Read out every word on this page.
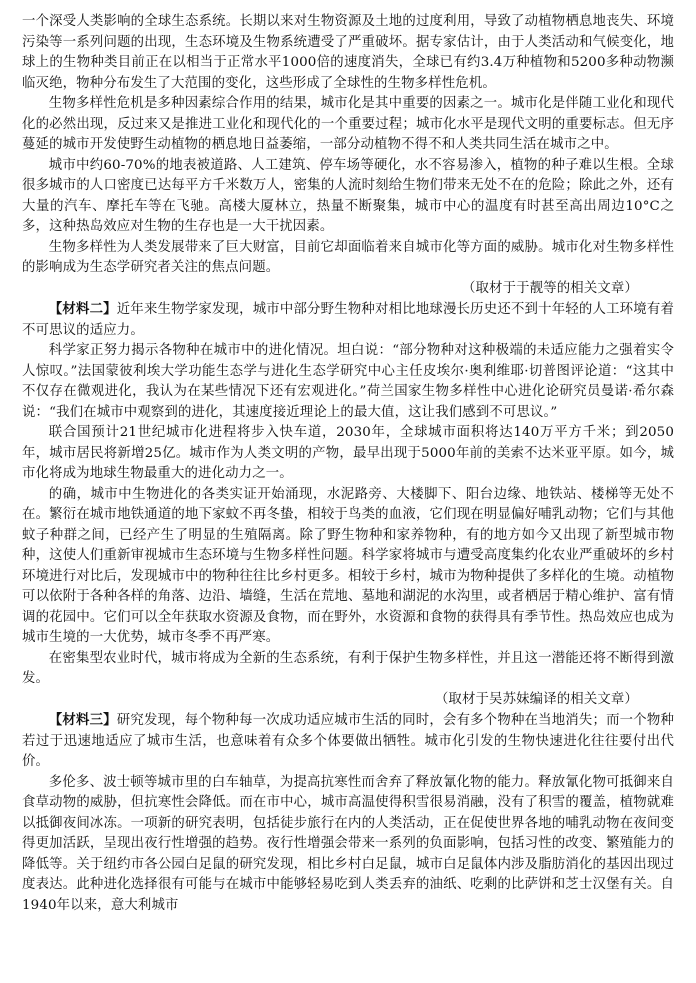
一个深受人类影响的全球生态系统。长期以来对生物资源及土地的过度利用，导致了动植物栖息地丧失、环境污染等一系列问题的出现，生态环境及生物系统遭受了严重破坏。据专家估计，由于人类活动和气候变化，地球上的生物种类目前正在以相当于正常水平1000倍的速度消失，全球已有约3.4万种植物和5200多种动物濒临灭绝，物种分布发生了大范围的变化，这些形成了全球性的生物多样性危机。

生物多样性危机是多种因素综合作用的结果，城市化是其中重要的因素之一。城市化是伴随工业化和现代化的必然出现，反过来又是推进工业化和现代化的一个重要过程；城市化水平是现代文明的重要标志。但无序蔓延的城市开发使野生动植物的栖息地日益萎缩，一部分动植物不得不和人类共同生活在城市之中。

城市中约60-70%的地表被道路、人工建筑、停车场等硬化，水不容易渗入，植物的种子难以生根。全球很多城市的人口密度已达每平方千米数万人，密集的人流时刻给生物们带来无处不在的危险；除此之外，还有大量的汽车、摩托车等在飞驰。高楼大厦林立，热量不断聚集，城市中心的温度有时甚至高出周边10°C之多，这种热岛效应对生物的生存也是一大干扰因素。

生物多样性为人类发展带来了巨大财富，目前它却面临着来自城市化等方面的威胁。城市化对生物多样性的影响成为生态学研究者关注的焦点问题。

（取材于于靓等的相关文章）

【材料二】近年来生物学家发现，城市中部分野生物种对相比地球漫长历史还不到十年轻的人工环境有着不可思议的适应力。

科学家正努力揭示各物种在城市中的进化情况。坦白说：“部分物种对这种极端的未适应能力之强着实令人惊叹。”法国蒙彼利埃大学功能生态学与进化生态学研究中心主任皮埃尔·奥利维耶·切普图评论道：“这其中不仅存在微观进化，我认为在某些情况下还有宏观进化。”荷兰国家生物多样性中心进化论研究员曼诺·希尔森说：“我们在城市中观察到的进化，其速度接近理论上的最大值，这让我们感到不可思议。”

联合国预计21世纪城市化进程将步入快车道，2030年，全球城市面积将达140万平方千米；到2050年，城市居民将新增25亿。城市作为人类文明的产物，最早出现于5000年前的美索不达米亚平原。如今，城市化将成为地球生物最重大的进化动力之一。

的确，城市中生物进化的各类实证开始涌现，水泥路旁、大楼脚下、阳台边缘、地铁站、楼梯等无处不在。繁衍在城市地铁通道的地下家蚊不再冬蛰，相较于鸟类的血液，它们现在明显偏好哺乳动物；它们与其他蚊子种群之间，已经产生了明显的生殖隔离。除了野生物种和家养物种，有的地方如今又出现了新型城市物种，这使人们重新审视城市生态环境与生物多样性问题。科学家将城市与遭受高度集约化农业严重破坏的乡村环境进行对比后，发现城市中的物种往往比乡村更多。相较于乡村，城市为物种提供了多样化的生境。动植物可以依附于各种各样的角落、边沿、墙缝，生活在荒地、墓地和湖泥的水沟里，或者栖居于精心维护、富有情调的花园中。它们可以全年获取水资源及食物，而在野外，水资源和食物的获得具有季节性。热岛效应也成为城市生境的一大优势，城市冬季不再严寒。

在密集型农业时代，城市将成为全新的生态系统，有利于保护生物多样性，并且这一潜能还将不断得到激发。

（取材于吴苏妹编译的相关文章）

【材料三】研究发现，每个物种每一次成功适应城市生活的同时，会有多个物种在当地消失；而一个物种若过于迅速地适应了城市生活，也意味着有众多个体要做出牺牲。城市化引发的生物快速进化往往要付出代价。

多伦多、波士顿等城市里的白车轴草，为提高抗寒性而舍弃了释放氰化物的能力。释放氰化物可抵御来自食草动物的威胁，但抗寒性会降低。而在市中心，城市高温使得积雪很易消融，没有了积雪的覆盖，植物就难以抵御夜间冰冻。一项新的研究表明，包括徒步旅行在内的人类活动，正在促使世界各地的哺乳动物在夜间变得更加活跃，呈现出夜行性增强的趋势。夜行性增强会带来一系列的负面影响，包括习性的改变、繁殖能力的降低等。关于纽约市各公园白足鼠的研究发现，相比乡村白足鼠，城市白足鼠体内涉及脂肪消化的基因出现过度表达。此种进化选择很有可能与在城市中能够轻易吃到人类丢弃的油纸、吃剩的比萨饼和芝士汉堡有关。自1940年以来，意大利城市
